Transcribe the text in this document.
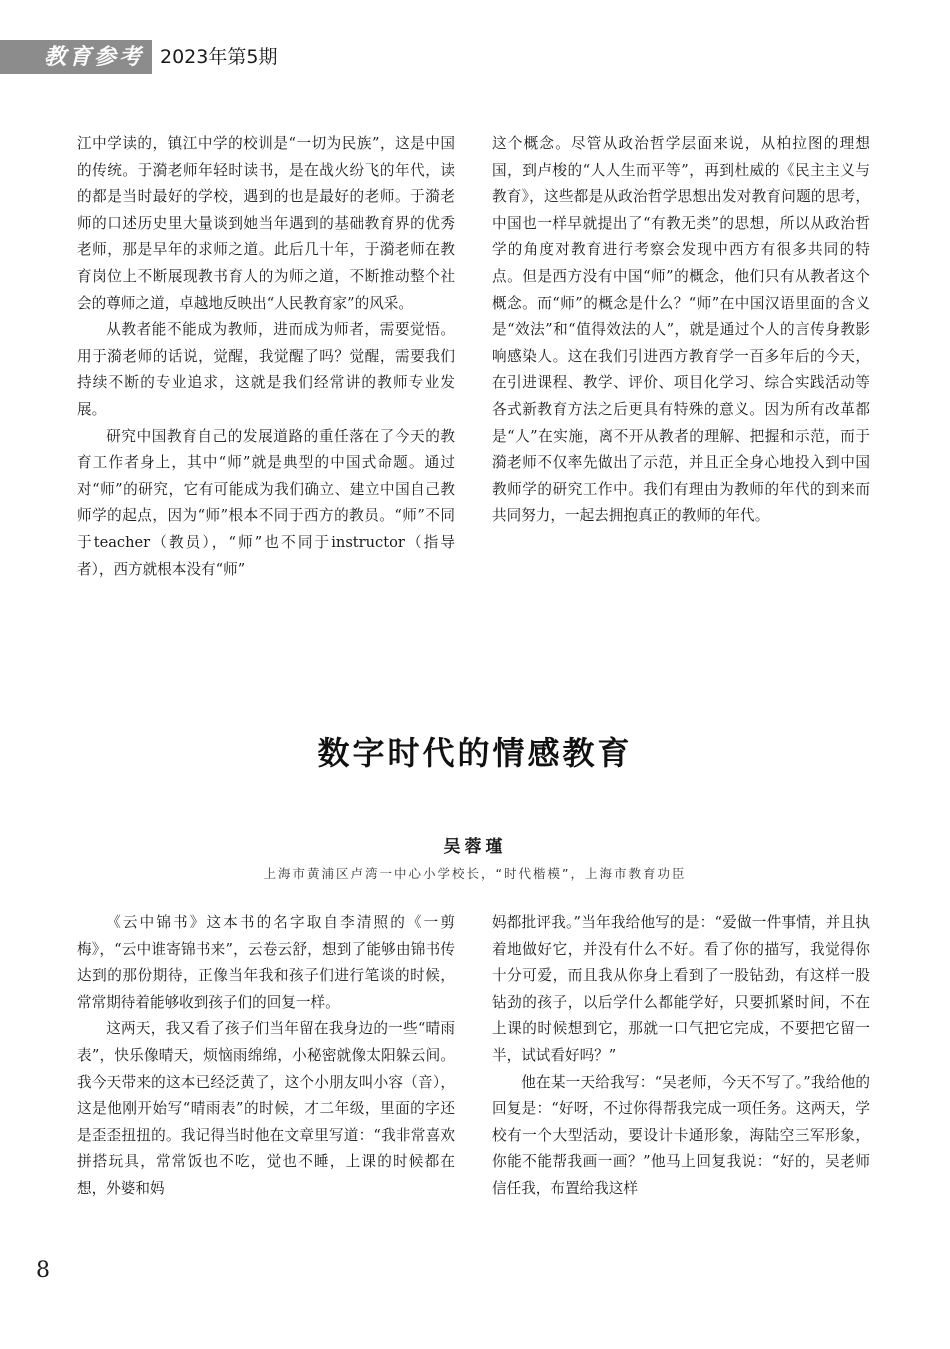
教育参考 2023年第5期

江中学读的，镇江中学的校训是“一切为民族”，这是中国的传统。于漪老师年轻时读书，是在战火纷飞的年代，读的都是当时最好的学校，遇到的也是最好的老师。于漪老师的口述历史里大量谈到她当年遇到的基础教育界的优秀老师，那是早年的求师之道。此后几十年，于漪老师在教育岗位上不断展现教书育人的为师之道，不断推动整个社会的尊师之道，卓越地反映出“人民教育家”的风采。

从教者能不能成为教师，进而成为师者，需要觉悟。用于漪老师的话说，觉醒，我觉醒了吗？觉醒，需要我们持续不断的专业追求，这就是我们经常讲的教师专业发展。

研究中国教育自己的发展道路的重任落在了今天的教育工作者身上，其中“师”就是典型的中国式命题。通过对“师”的研究，它有可能成为我们确立、建立中国自己教师学的起点，因为“师”根本不同于西方的教员。“师”不同于teacher（教员），“师”也不同于instructor（指导者），西方就根本没有“师”

这个概念。尽管从政治哲学层面来说，从柏拉图的理想国，到卢梭的“人人生而平等”，再到杜威的《民主主义与教育》，这些都是从政治哲学思想出发对教育问题的思考，中国也一样早就提出了“有教无类”的思想，所以从政治哲学的角度对教育进行考察会发现中西方有很多共同的特点。但是西方没有中国“师”的概念，他们只有从教者这个概念。而“师”的概念是什么？“师”在中国汉语里面的含义是“效法”和“值得效法的人”，就是通过个人的言传身教影响感染人。这在我们引进西方教育学一百多年后的今天，在引进课程、教学、评价、项目化学习、综合实践活动等各式新教育方法之后更具有特殊的意义。因为所有改革都是“人”在实施，离不开从教者的理解、把握和示范，而于漪老师不仅率先做出了示范，并且正全身心地投入到中国教师学的研究工作中。我们有理由为教师的年代的到来而共同努力，一起去拥抱真正的教师的年代。

数字时代的情感教育
吴蓉瑾
上海市黄浦区卢湾一中心小学校长，“时代楷模”，上海市教育功臣

《云中锦书》这本书的名字取自李清照的《一剪梅》，“云中谁寄锦书来”，云卷云舒，想到了能够由锦书传达到的那份期待，正像当年我和孩子们进行笔谈的时候，常常期待着能够收到孩子们的回复一样。

这两天，我又看了孩子们当年留在我身边的一些“晴雨表”，快乐像晴天，烦恼雨绵绵，小秘密就像太阳躲云间。我今天带来的这本已经泛黄了，这个小朋友叫小容（音），这是他刚开始写“晴雨表”的时候，才二年级，里面的字还是歪歪扭扭的。我记得当时他在文章里写道：“我非常喜欢拼搭玩具，常常饭也不吃，觉也不睡，上课的时候都在想，外婆和妈

妈都批评我。”当年我给他写的是：“爱做一件事情，并且执着地做好它，并没有什么不好。看了你的描写，我觉得你十分可爱，而且我从你身上看到了一股钻劲，有这样一股钻劲的孩子，以后学什么都能学好，只要抓紧时间，不在上课的时候想到它，那就一口气把它完成，不要把它留一半，试试看好吗？”

他在某一天给我写：“吴老师，今天不写了。”我给他的回复是：“好呀，不过你得帮我完成一项任务。这两天，学校有一个大型活动，要设计卡通形象，海陆空三军形象，你能不能帮我画一画？”他马上回复我说：“好的，吴老师信任我，布置给我这样

8
